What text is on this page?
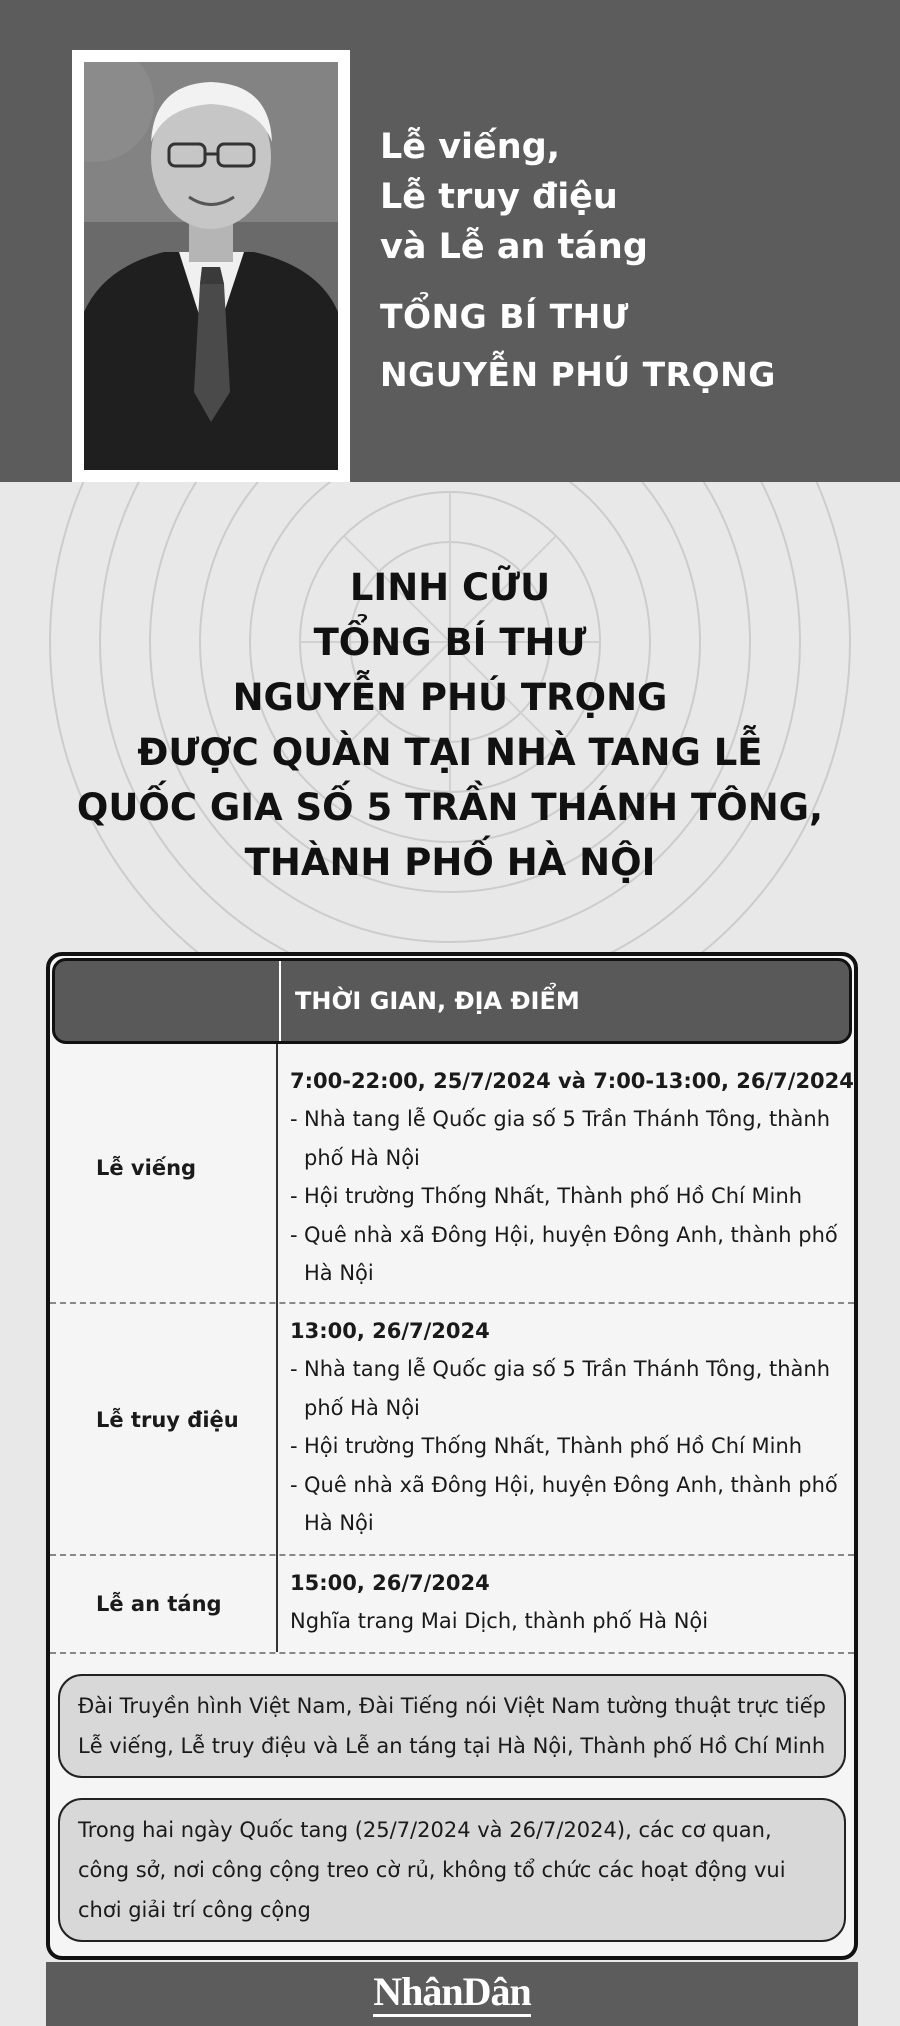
Lễ viếng,
Lễ truy điệu
và Lễ an táng
TỔNG BÍ THƯ
NGUYỄN PHÚ TRỌNG
LINH CỮU
TỔNG BÍ THƯ
NGUYỄN PHÚ TRỌNG
ĐƯỢC QUÀN TẠI NHÀ TANG LỄ
QUỐC GIA SỐ 5 TRẦN THÁNH TÔNG,
THÀNH PHỐ HÀ NỘI
THỜI GIAN, ĐỊA ĐIỂM
Lễ viếng
7:00-22:00, 25/7/2024 và 7:00-13:00, 26/7/2024
- Nhà tang lễ Quốc gia số 5 Trần Thánh Tông, thành phố Hà Nội
- Hội trường Thống Nhất, Thành phố Hồ Chí Minh
- Quê nhà xã Đông Hội, huyện Đông Anh, thành phố Hà Nội
Lễ truy điệu
13:00, 26/7/2024
- Nhà tang lễ Quốc gia số 5 Trần Thánh Tông, thành phố Hà Nội
- Hội trường Thống Nhất, Thành phố Hồ Chí Minh
- Quê nhà xã Đông Hội, huyện Đông Anh, thành phố Hà Nội
Lễ an táng
15:00, 26/7/2024
Nghĩa trang Mai Dịch, thành phố Hà Nội
Đài Truyền hình Việt Nam, Đài Tiếng nói Việt Nam tường thuật trực tiếp Lễ viếng, Lễ truy điệu và Lễ an táng tại Hà Nội, Thành phố Hồ Chí Minh
Trong hai ngày Quốc tang (25/7/2024 và 26/7/2024), các cơ quan, công sở, nơi công cộng treo cờ rủ, không tổ chức các hoạt động vui chơi giải trí công cộng
NhânDân
